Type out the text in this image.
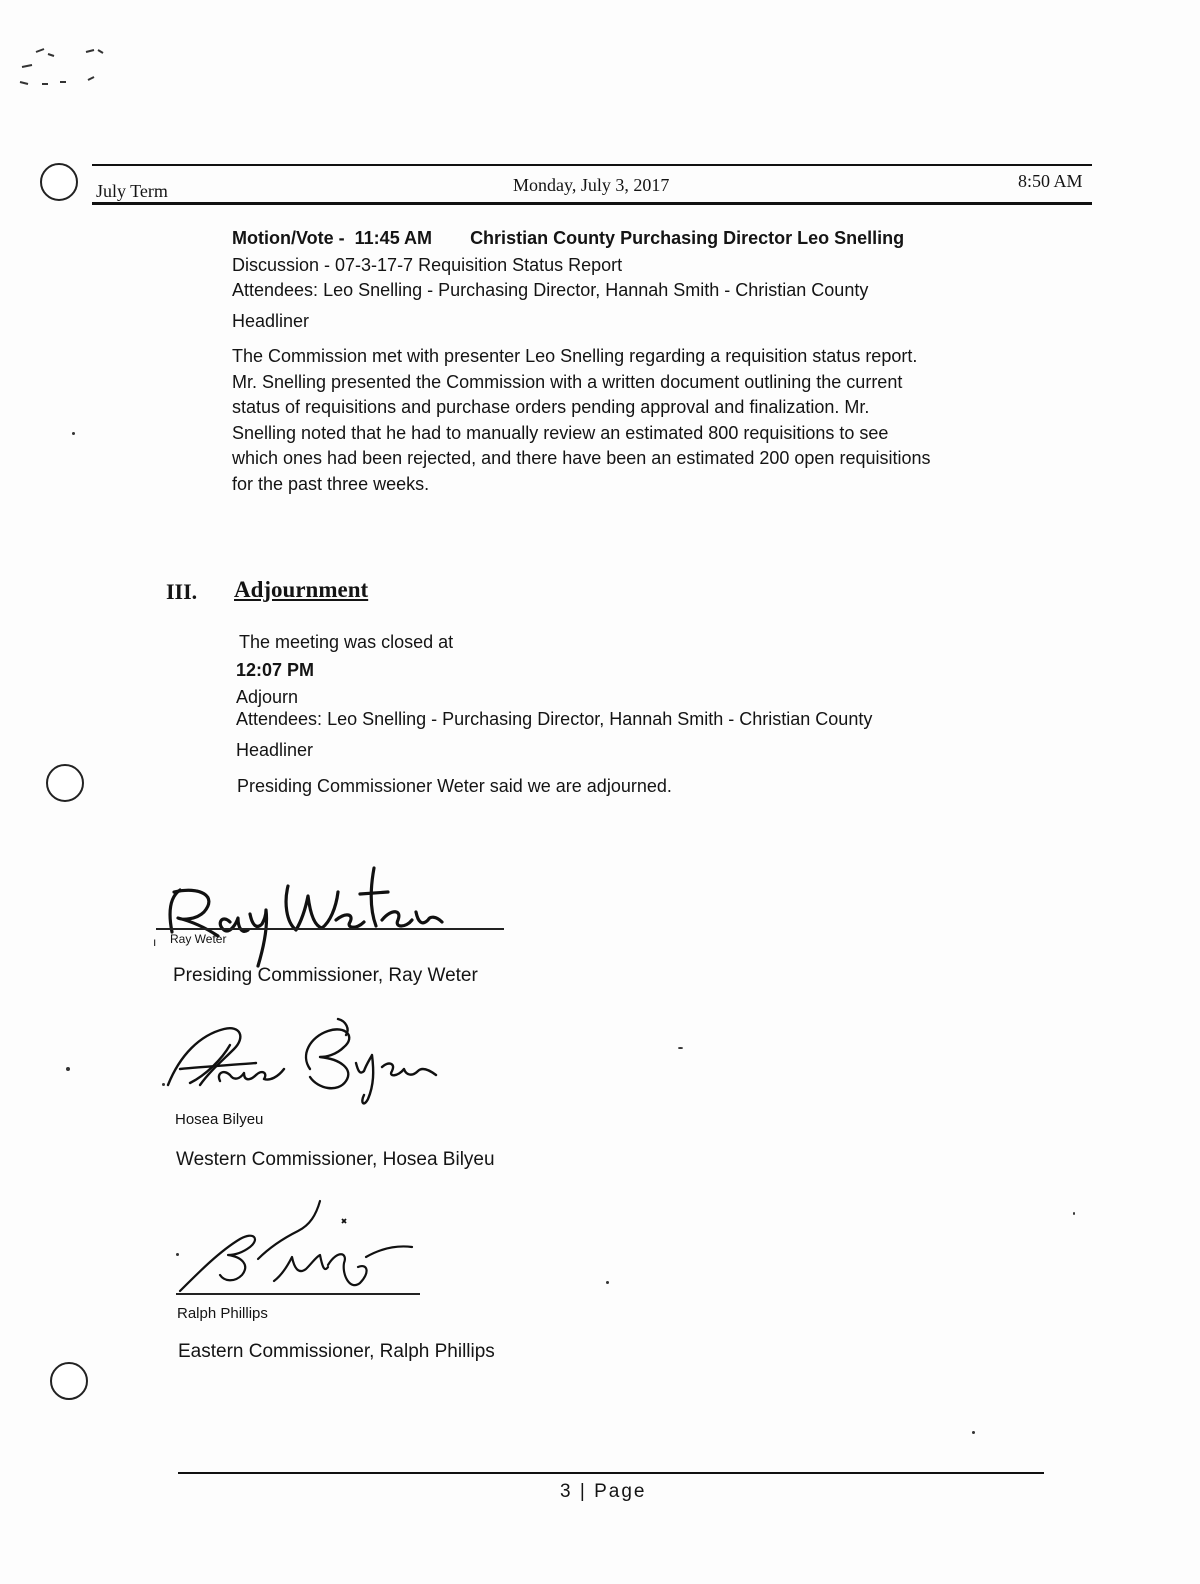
July Term	Monday, July 3, 2017	8:50 AM
Motion/Vote - 11:45 AM Christian County Purchasing Director Leo Snelling
Discussion - 07-3-17-7 Requisition Status Report
Attendees: Leo Snelling - Purchasing Director, Hannah Smith - Christian County
Headliner
The Commission met with presenter Leo Snelling regarding a requisition status report.
Mr. Snelling presented the Commission with a written document outlining the current
status of requisitions and purchase orders pending approval and finalization. Mr.
Snelling noted that he had to manually review an estimated 800 requisitions to see
which ones had been rejected, and there have been an estimated 200 open requisitions
for the past three weeks.
III. Adjournment
The meeting was closed at
12:07 PM
Adjourn
Attendees: Leo Snelling - Purchasing Director, Hannah Smith - Christian County
Headliner
Presiding Commissioner Weter said we are adjourned.
ı Ray Weter
Presiding Commissioner, Ray Weter
Hosea Bilyeu
Western Commissioner, Hosea Bilyeu
Ralph Phillips
Eastern Commissioner, Ralph Phillips
3 | Page
